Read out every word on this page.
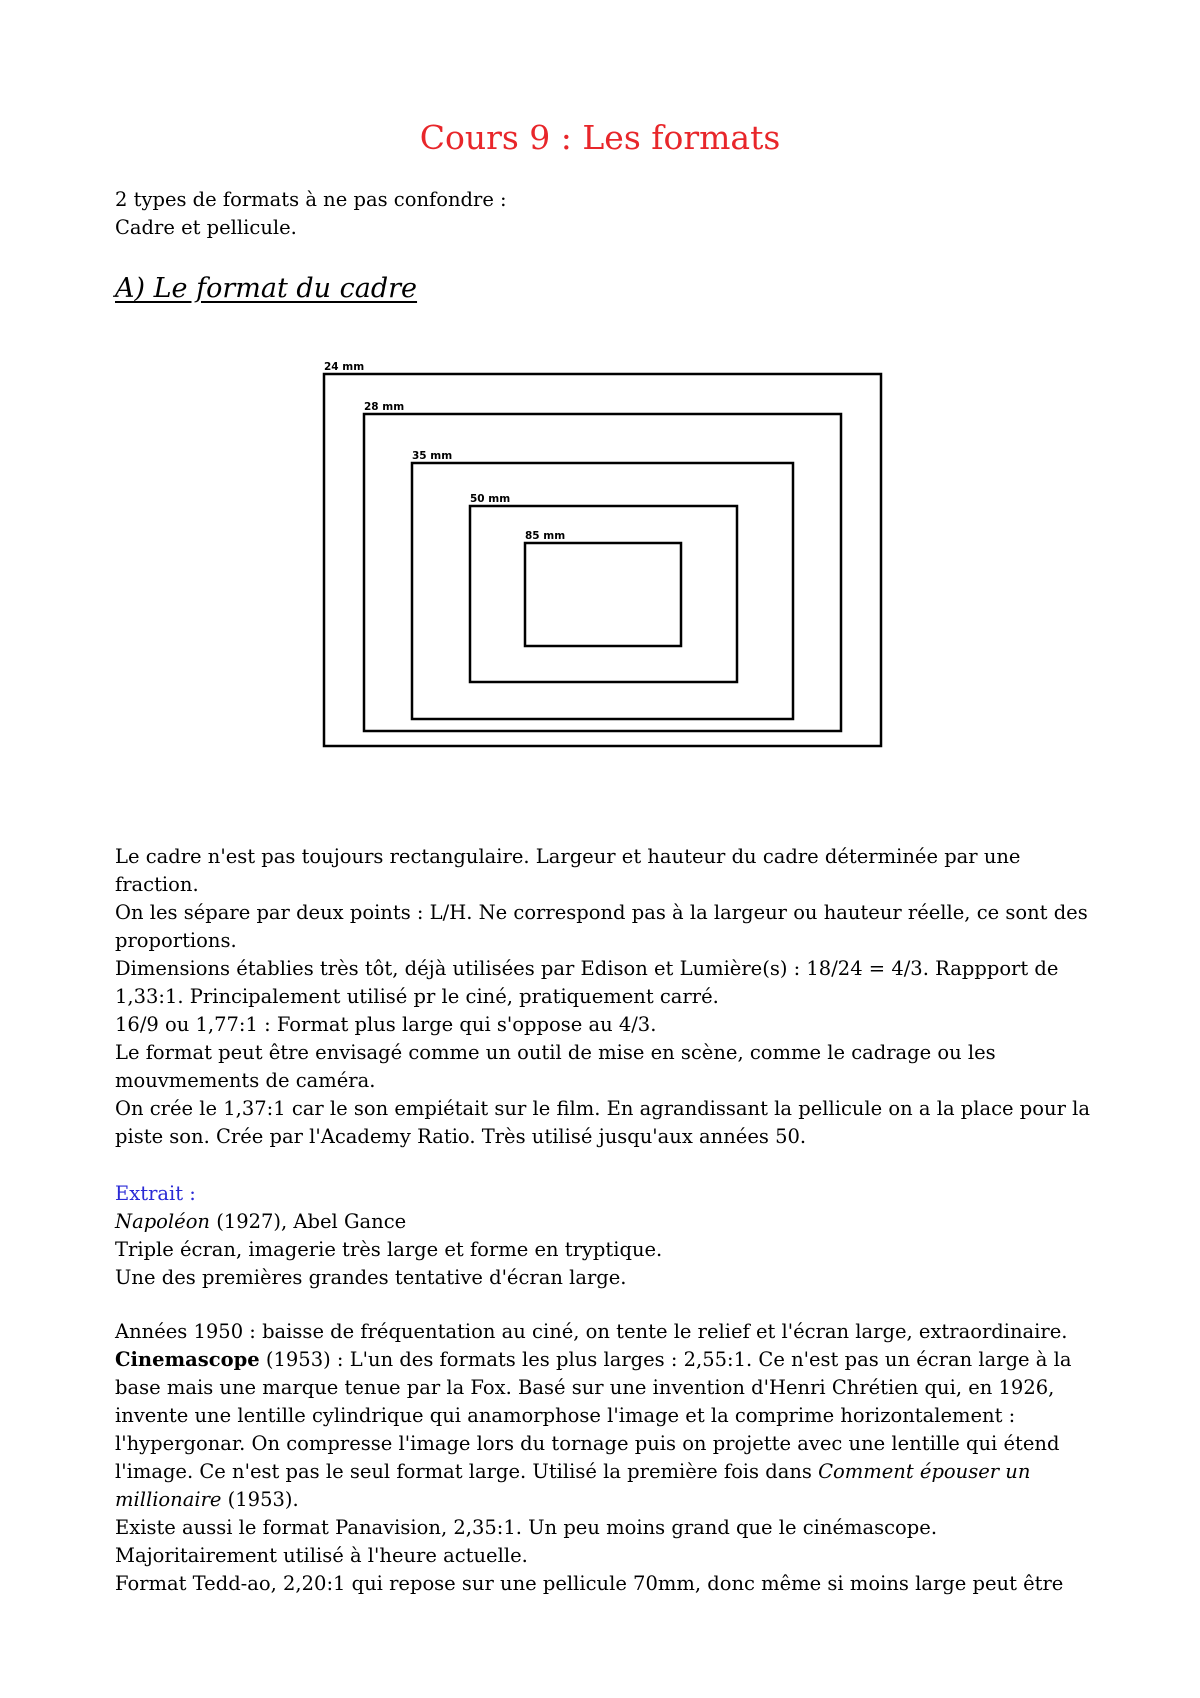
Cours 9 : Les formats

2 types de formats à ne pas confondre :

Cadre et pellicule.

A) Le format du cadre
24 mm
28 mm
35 mm
50 mm
85 mm

Le cadre n'est pas toujours rectangulaire. Largeur et hauteur du cadre déterminée par une fraction.

On les sépare par deux points : L/H. Ne correspond pas à la largeur ou hauteur réelle, ce sont des proportions.

Dimensions établies très tôt, déjà utilisées par Edison et Lumière(s) : 18/24 = 4/3. Rappport de 1,33:1. Principalement utilisé pr le ciné, pratiquement carré.

16/9 ou 1,77:1 : Format plus large qui s'oppose au 4/3.

Le format peut être envisagé comme un outil de mise en scène, comme le cadrage ou les mouvmements de caméra.

On crée le 1,37:1 car le son empiétait sur le film. En agrandissant la pellicule on a la place pour la piste son. Crée par l'Academy Ratio. Très utilisé jusqu'aux années 50.

Extrait :

Napoléon (1927), Abel Gance

Triple écran, imagerie très large et forme en tryptique.

Une des premières grandes tentative d'écran large.

Années 1950 : baisse de fréquentation au ciné, on tente le relief et l'écran large, extraordinaire.

Cinemascope (1953) : L'un des formats les plus larges : 2,55:1. Ce n'est pas un écran large à la base mais une marque tenue par la Fox. Basé sur une invention d'Henri Chrétien qui, en 1926, invente une lentille cylindrique qui anamorphose l'image et la comprime horizontalement : l'hypergonar. On compresse l'image lors du tornage puis on projette avec une lentille qui étend l'image. Ce n'est pas le seul format large. Utilisé la première fois dans Comment épouser un millionaire (1953).

Existe aussi le format Panavision, 2,35:1. Un peu moins grand que le cinémascope. Majoritairement utilisé à l'heure actuelle.

Format Tedd-ao, 2,20:1 qui repose sur une pellicule 70mm, donc même si moins large peut être
